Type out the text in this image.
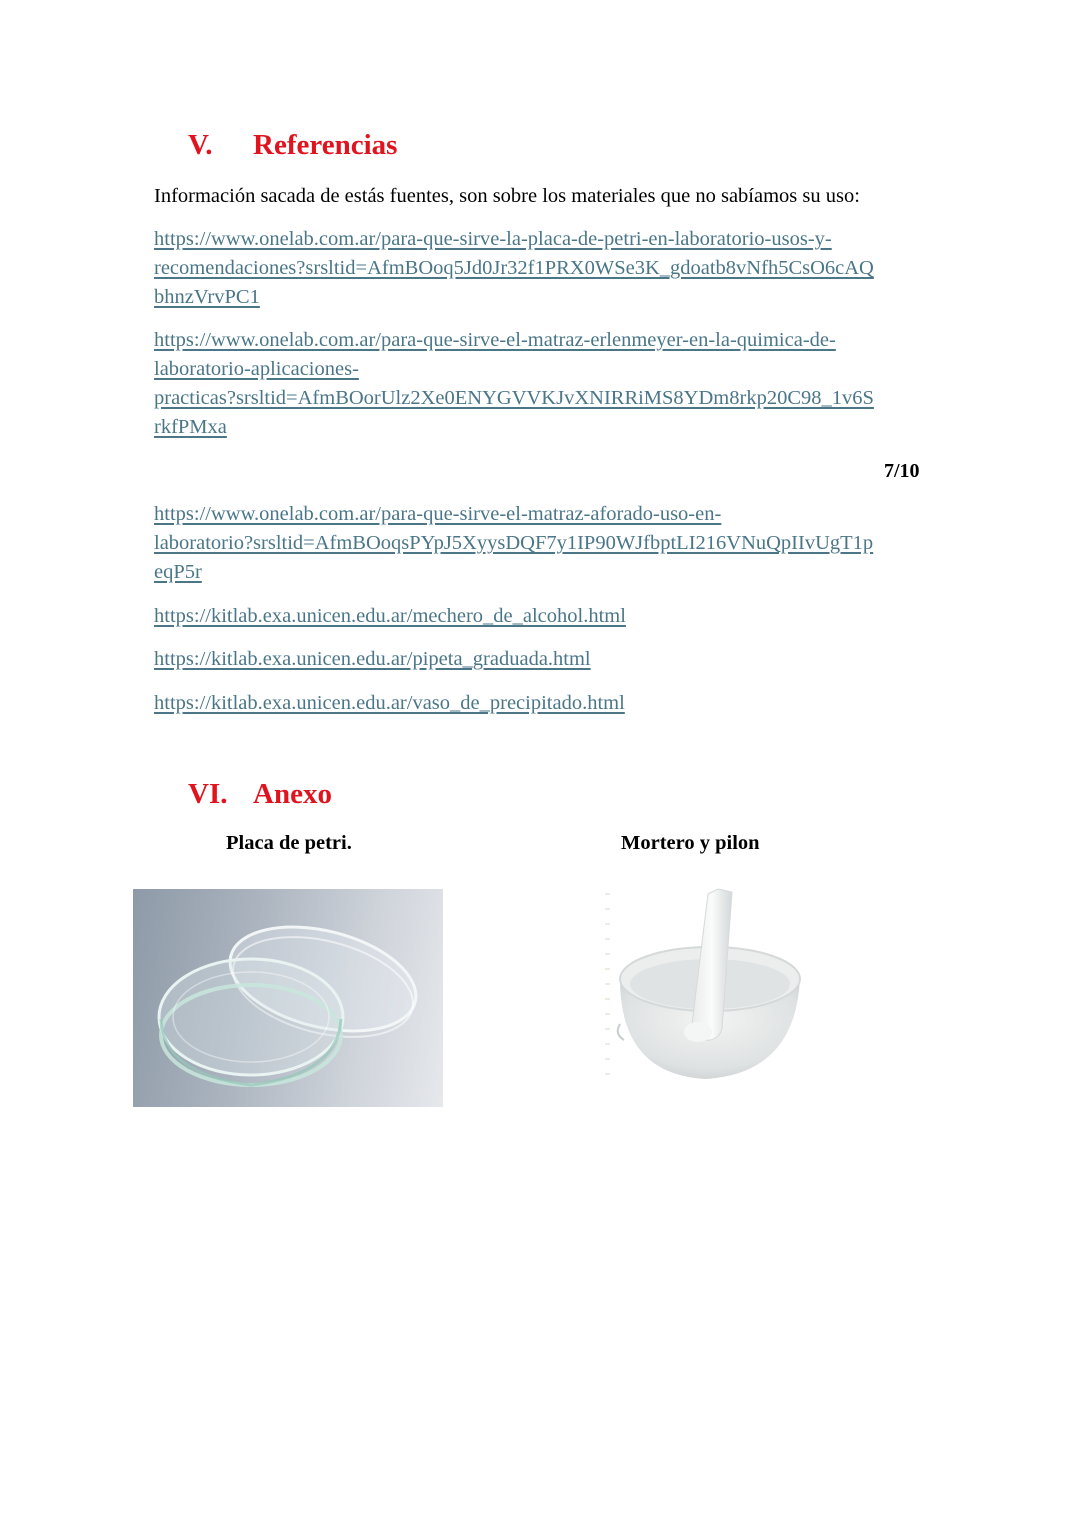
V. Referencias

Información sacada de estás fuentes, son sobre los materiales que no sabíamos su uso:

https://www.onelab.com.ar/para-que-sirve-la-placa-de-petri-en-laboratorio-usos-y-
recomendaciones?srsltid=AfmBOoq5Jd0Jr32f1PRX0WSe3K_gdoatb8vNfh5CsO6cAQ
bhnzVrvPC1
https://www.onelab.com.ar/para-que-sirve-el-matraz-erlenmeyer-en-la-quimica-de-
laboratorio-aplicaciones-
practicas?srsltid=AfmBOorUlz2Xe0ENYGVVKJvXNIRRiMS8YDm8rkp20C98_1v6S
rkfPMxa
7/10
https://www.onelab.com.ar/para-que-sirve-el-matraz-aforado-uso-en-
laboratorio?srsltid=AfmBOoqsPYpJ5XyysDQF7y1IP90WJfbptLI216VNuQpIIvUgT1p
eqP5r
https://kitlab.exa.unicen.edu.ar/mechero_de_alcohol.html
https://kitlab.exa.unicen.edu.ar/pipeta_graduada.html
https://kitlab.exa.unicen.edu.ar/vaso_de_precipitado.html
VI. Anexo
Placa de petri.	Mortero y pilon
